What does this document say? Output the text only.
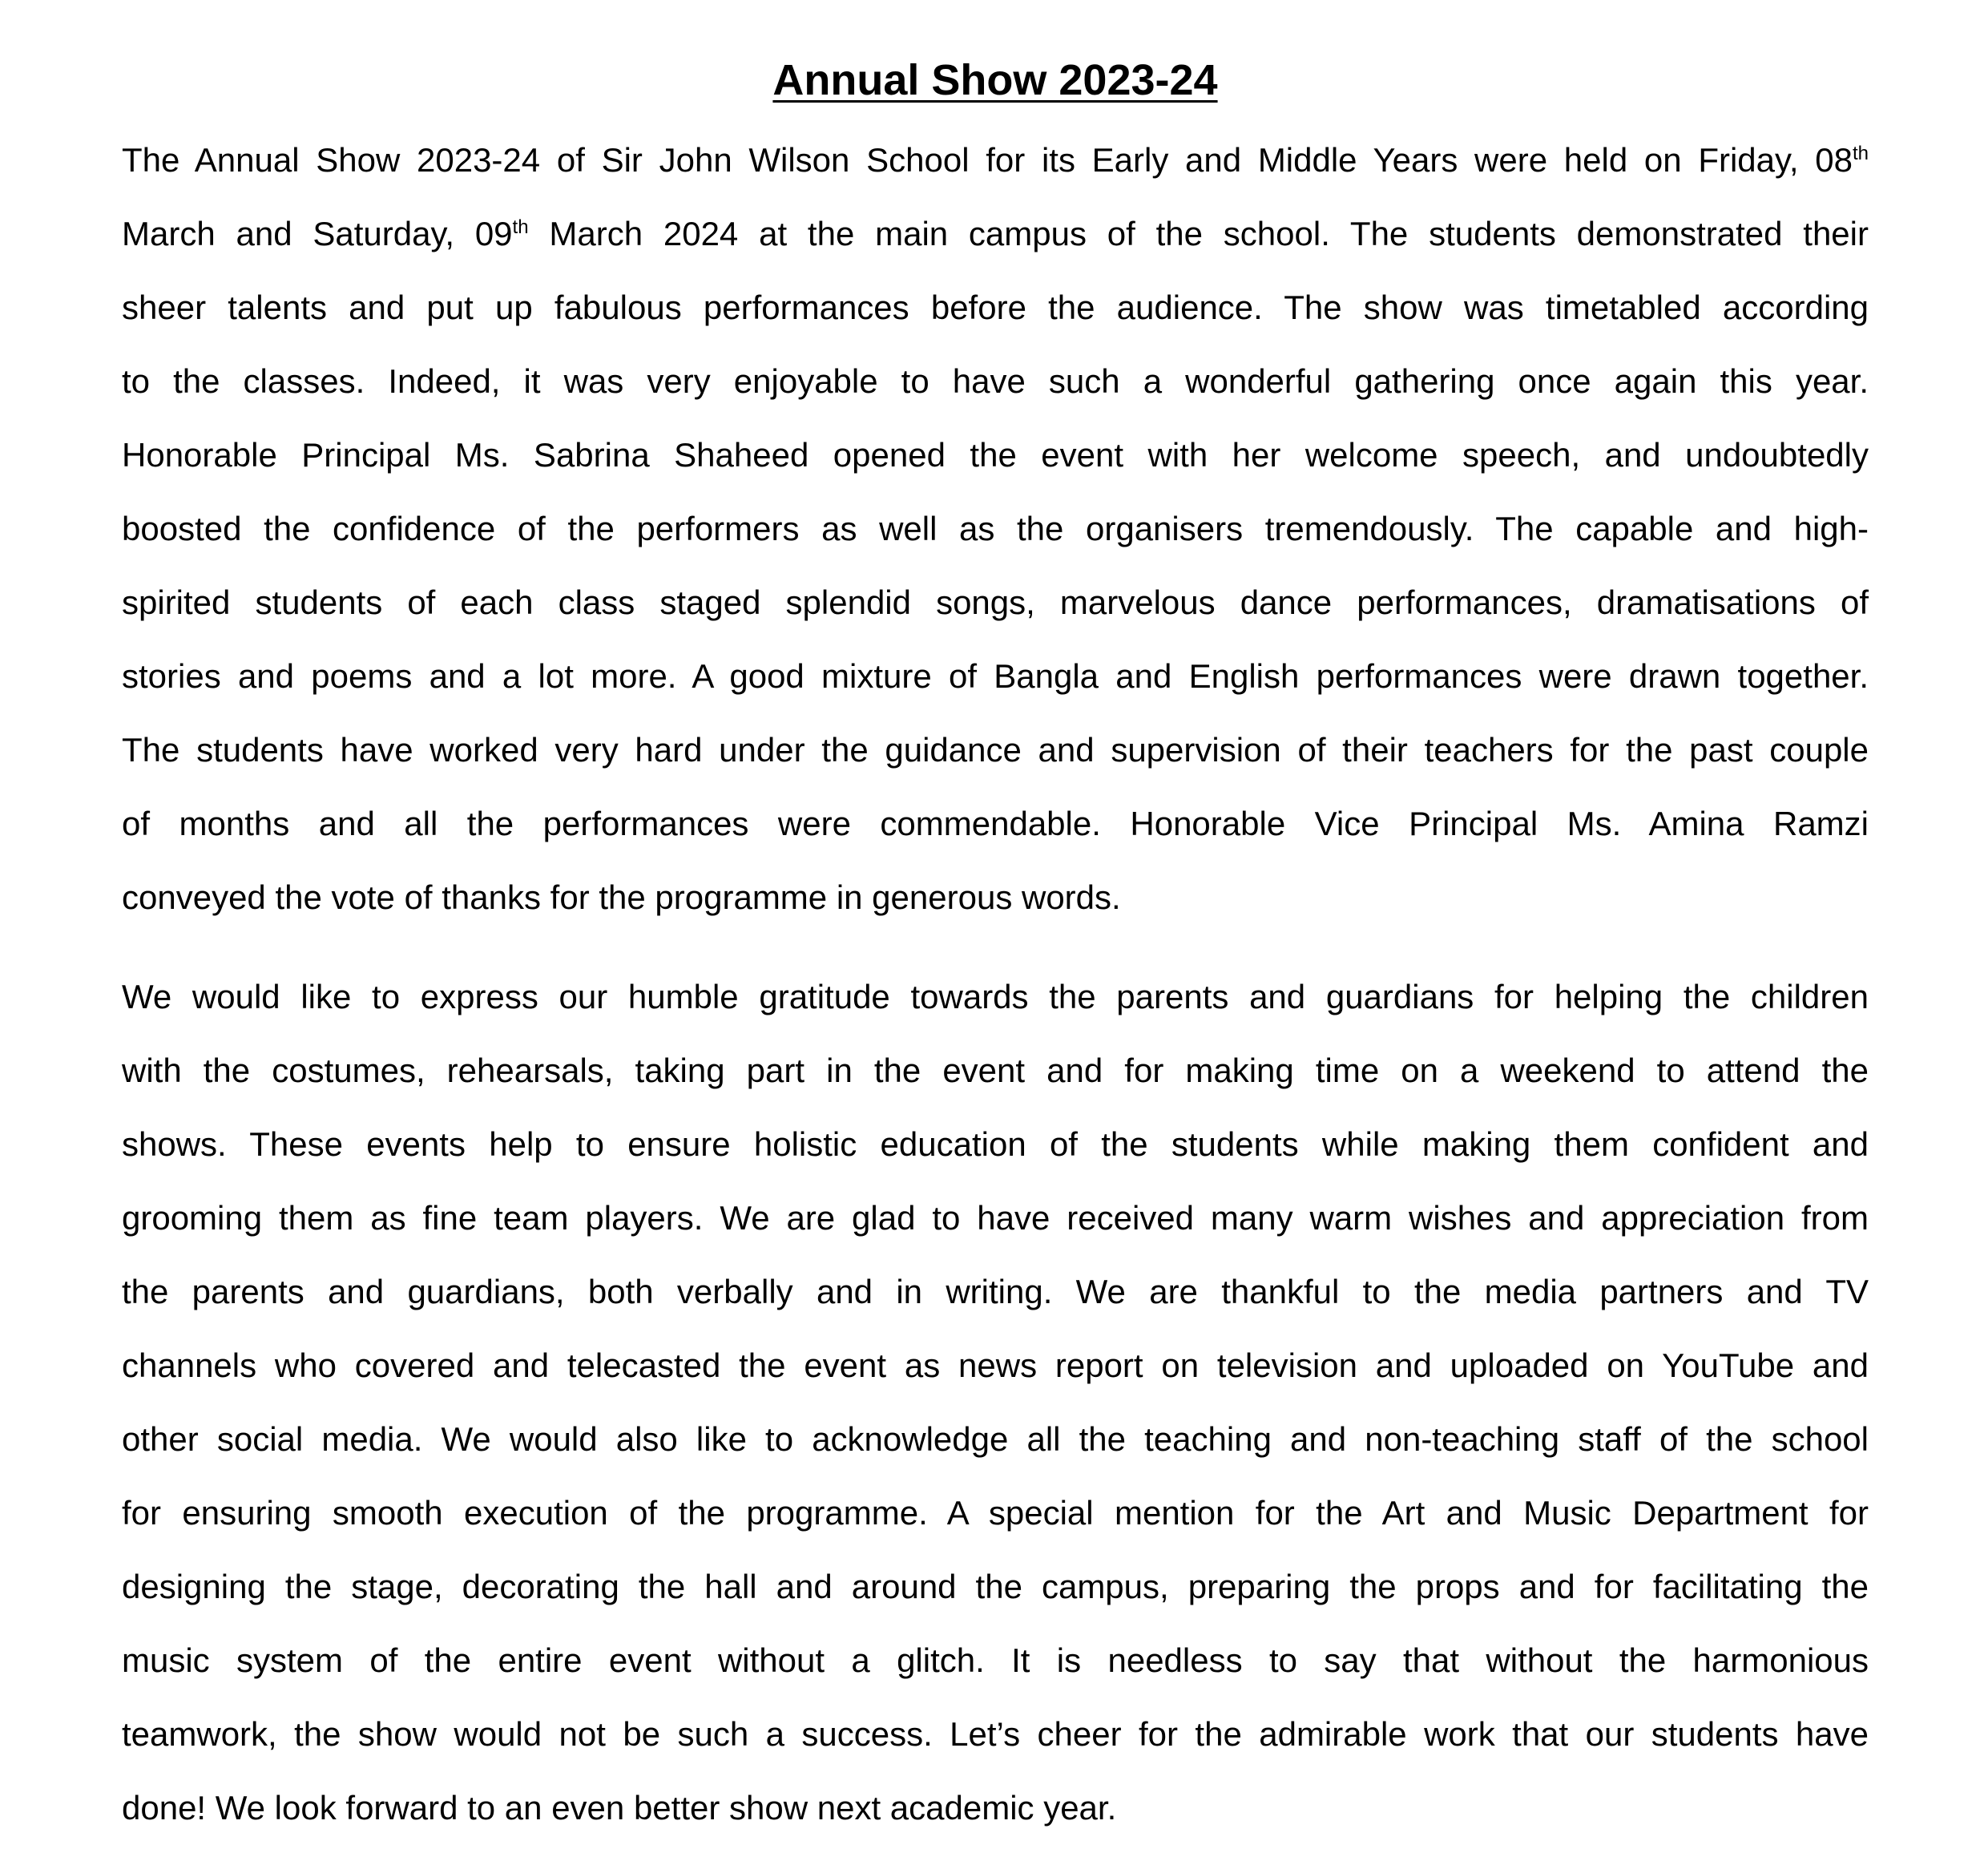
Annual Show 2023-24
The Annual Show 2023-24 of Sir John Wilson School for its Early and Middle Years were held on Friday, 08th
March and Saturday, 09th March 2024 at the main campus of the school. The students demonstrated their
sheer talents and put up fabulous performances before the audience. The show was timetabled according
to the classes. Indeed, it was very enjoyable to have such a wonderful gathering once again this year.
Honorable Principal Ms. Sabrina Shaheed opened the event with her welcome speech, and undoubtedly
boosted the confidence of the performers as well as the organisers tremendously. The capable and high-
spirited students of each class staged splendid songs, marvelous dance performances, dramatisations of
stories and poems and a lot more. A good mixture of Bangla and English performances were drawn together.
The students have worked very hard under the guidance and supervision of their teachers for the past couple
of months and all the performances were commendable. Honorable Vice Principal Ms. Amina Ramzi
conveyed the vote of thanks for the programme in generous words.
We would like to express our humble gratitude towards the parents and guardians for helping the children
with the costumes, rehearsals, taking part in the event and for making time on a weekend to attend the
shows. These events help to ensure holistic education of the students while making them confident and
grooming them as fine team players. We are glad to have received many warm wishes and appreciation from
the parents and guardians, both verbally and in writing. We are thankful to the media partners and TV
channels who covered and telecasted the event as news report on television and uploaded on YouTube and
other social media. We would also like to acknowledge all the teaching and non-teaching staff of the school
for ensuring smooth execution of the programme. A special mention for the Art and Music Department for
designing the stage, decorating the hall and around the campus, preparing the props and for facilitating the
music system of the entire event without a glitch. It is needless to say that without the harmonious
teamwork, the show would not be such a success. Let’s cheer for the admirable work that our students have
done! We look forward to an even better show next academic year.
